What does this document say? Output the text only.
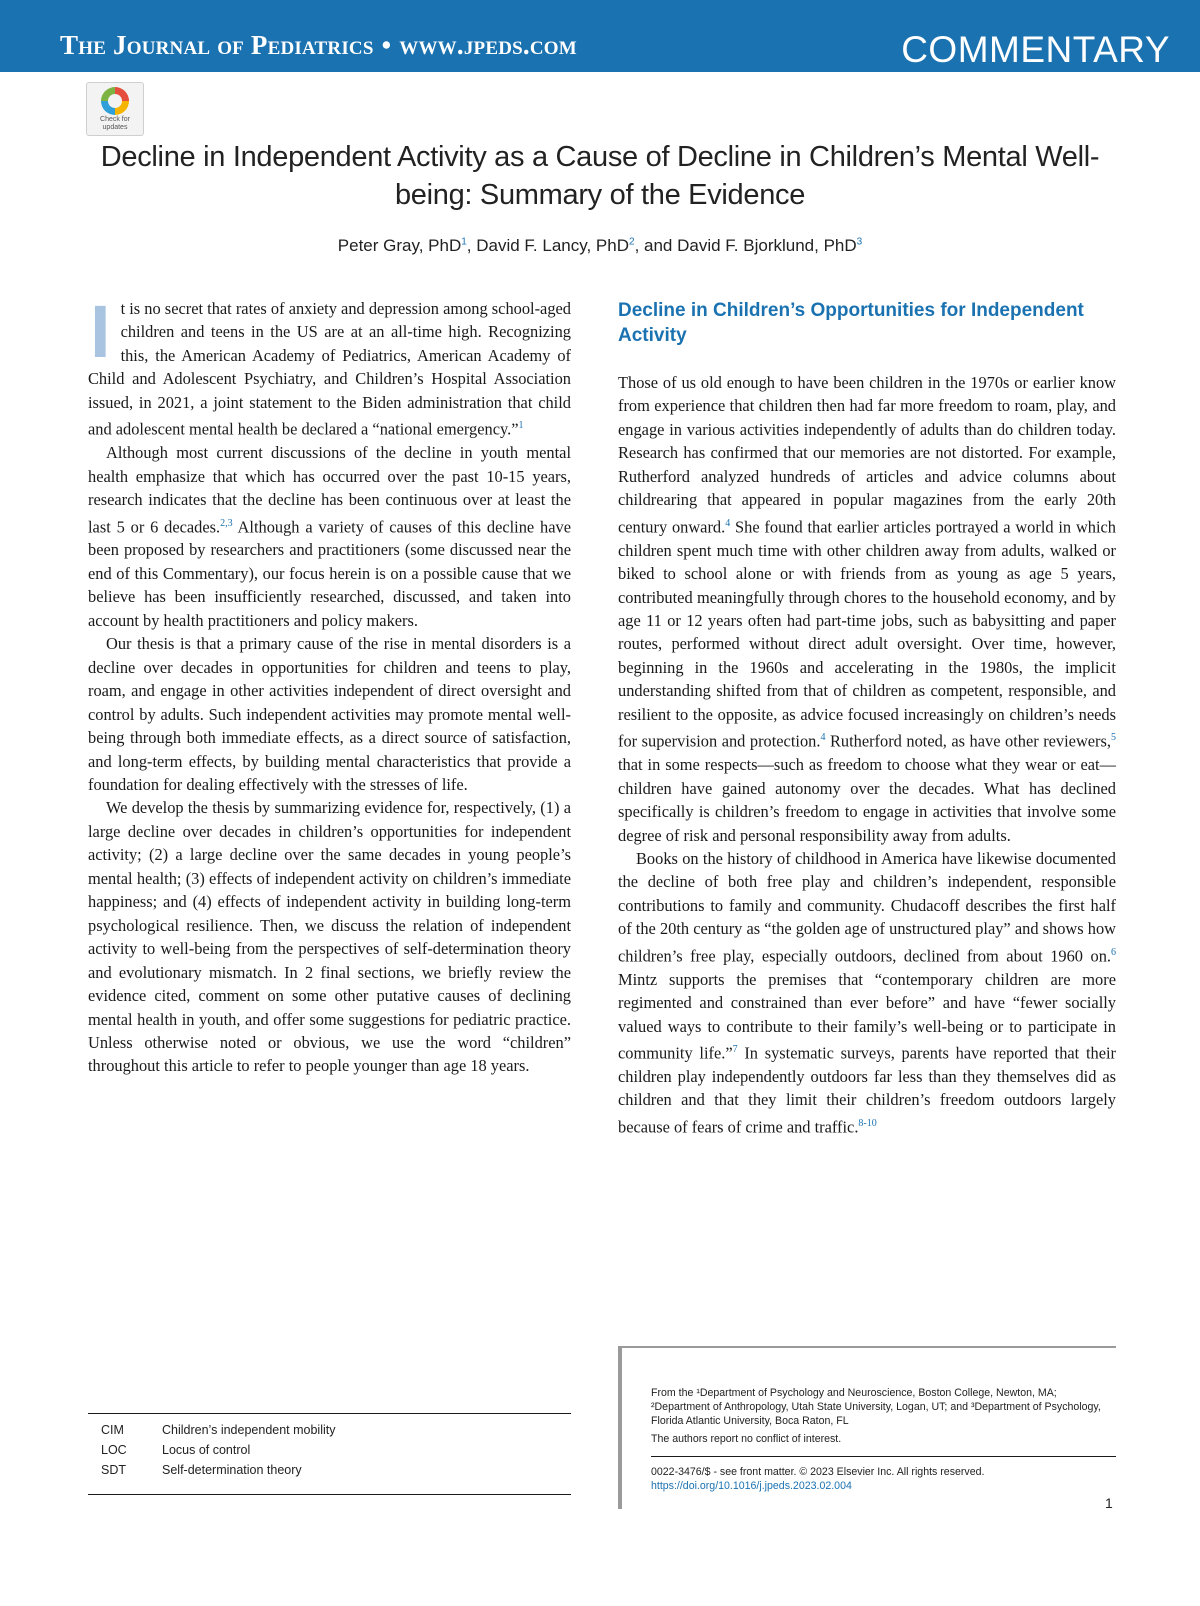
The Journal of Pediatrics • www.jpeds.com	COMMENTARY
Check for updates
Decline in Independent Activity as a Cause of Decline in Children’s Mental Well-being: Summary of the Evidence
Peter Gray, PhD$^1$, David F. Lancy, PhD$^2$, and David F. Bjorklund, PhD$^3$

It is no secret that rates of anxiety and depression among school-aged children and teens in the US are at an all-time high. Recognizing this, the American Academy of Pediatrics, American Academy of Child and Adolescent Psychiatry, and Children’s Hospital Association issued, in 2021, a joint statement to the Biden administration that child and adolescent mental health be declared a “national emergency.”$^1$

Although most current discussions of the decline in youth mental health emphasize that which has occurred over the past 10-15 years, research indicates that the decline has been continuous over at least the last 5 or 6 decades.$^{2,3}$ Although a variety of causes of this decline have been proposed by researchers and practitioners (some discussed near the end of this Commentary), our focus herein is on a possible cause that we believe has been insufficiently researched, discussed, and taken into account by health practitioners and policy makers.

Our thesis is that a primary cause of the rise in mental disorders is a decline over decades in opportunities for children and teens to play, roam, and engage in other activities independent of direct oversight and control by adults. Such independent activities may promote mental well-being through both immediate effects, as a direct source of satisfaction, and long-term effects, by building mental characteristics that provide a foundation for dealing effectively with the stresses of life.

We develop the thesis by summarizing evidence for, respectively, (1) a large decline over decades in children’s opportunities for independent activity; (2) a large decline over the same decades in young people’s mental health; (3) effects of independent activity on children’s immediate happiness; and (4) effects of independent activity in building long-term psychological resilience. Then, we discuss the relation of independent activity to well-being from the perspectives of self-determination theory and evolutionary mismatch. In 2 final sections, we briefly review the evidence cited, comment on some other putative causes of declining mental health in youth, and offer some suggestions for pediatric practice. Unless otherwise noted or obvious, we use the word “children” throughout this article to refer to people younger than age 18 years.

Decline in Children’s Opportunities for Independent Activity

Those of us old enough to have been children in the 1970s or earlier know from experience that children then had far more freedom to roam, play, and engage in various activities independently of adults than do children today. Research has confirmed that our memories are not distorted. For example, Rutherford analyzed hundreds of articles and advice columns about childrearing that appeared in popular magazines from the early 20th century onward.$^4$ She found that earlier articles portrayed a world in which children spent much time with other children away from adults, walked or biked to school alone or with friends from as young as age 5 years, contributed meaningfully through chores to the household economy, and by age 11 or 12 years often had part-time jobs, such as babysitting and paper routes, performed without direct adult oversight. Over time, however, beginning in the 1960s and accelerating in the 1980s, the implicit understanding shifted from that of children as competent, responsible, and resilient to the opposite, as advice focused increasingly on children’s needs for supervision and protection.$^4$ Rutherford noted, as have other reviewers,$^5$ that in some respects—such as freedom to choose what they wear or eat—children have gained autonomy over the decades. What has declined specifically is children’s freedom to engage in activities that involve some degree of risk and personal responsibility away from adults.

Books on the history of childhood in America have likewise documented the decline of both free play and children’s independent, responsible contributions to family and community. Chudacoff describes the first half of the 20th century as “the golden age of unstructured play” and shows how children’s free play, especially outdoors, declined from about 1960 on.$^6$ Mintz supports the premises that “contemporary children are more regimented and constrained than ever before” and have “fewer socially valued ways to contribute to their family’s well-being or to participate in community life.”$^7$ In systematic surveys, parents have reported that their children play independently outdoors far less than they themselves did as children and that they limit their children’s freedom outdoors largely because of fears of crime and traffic.$^{8-10}$

CIM	Children’s independent mobility
LOC	Locus of control
SDT	Self-determination theory
From the ¹Department of Psychology and Neuroscience, Boston College, Newton, MA; ²Department of Anthropology, Utah State University, Logan, UT; and ³Department of Psychology, Florida Atlantic University, Boca Raton, FL
The authors report no conflict of interest.
0022-3476/$ - see front matter. © 2023 Elsevier Inc. All rights reserved.
https://doi.org/10.1016/j.jpeds.2023.02.004
1
